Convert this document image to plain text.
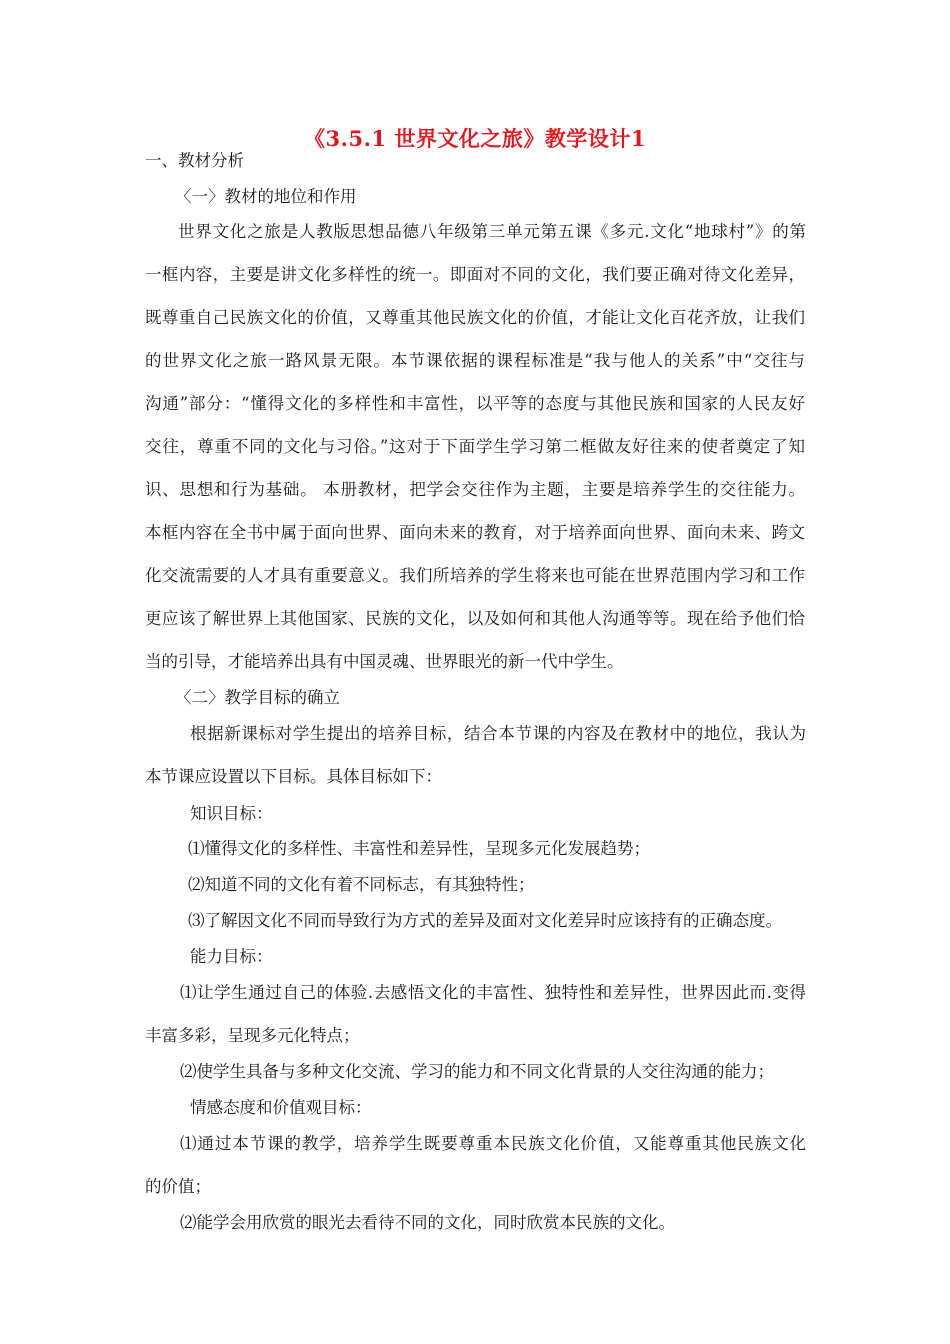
《3.5.1 世界文化之旅》教学设计1
一、教材分析
〈一〉教材的地位和作用
世界文化之旅是人教版思想品德八年级第三单元第五课《多元.文化“地球村”》的第
一框内容，主要是讲文化多样性的统一。即面对不同的文化，我们要正确对待文化差异，
既尊重自己民族文化的价值，又尊重其他民族文化的价值，才能让文化百花齐放，让我们
的世界文化之旅一路风景无限。本节课依据的课程标准是“我与他人的关系”中“交往与
沟通”部分：“懂得文化的多样性和丰富性，以平等的态度与其他民族和国家的人民友好
交往，尊重不同的文化与习俗。”这对于下面学生学习第二框做友好往来的使者奠定了知
识、思想和行为基础。 本册教材，把学会交往作为主题，主要是培养学生的交往能力。
本框内容在全书中属于面向世界、面向未来的教育，对于培养面向世界、面向未来、跨文
化交流需要的人才具有重要意义。我们所培养的学生将来也可能在世界范围内学习和工作
更应该了解世界上其他国家、民族的文化，以及如何和其他人沟通等等。现在给予他们恰
当的引导，才能培养出具有中国灵魂、世界眼光的新一代中学生。
〈二〉教学目标的确立
根据新课标对学生提出的培养目标，结合本节课的内容及在教材中的地位，我认为
本节课应设置以下目标。具体目标如下：
知识目标：
⑴懂得文化的多样性、丰富性和差异性，呈现多元化发展趋势；
⑵知道不同的文化有着不同标志，有其独特性；
⑶了解因文化不同而导致行为方式的差异及面对文化差异时应该持有的正确态度。
能力目标：
⑴让学生通过自己的体验.去感悟文化的丰富性、独特性和差异性，世界因此而.变得
丰富多彩，呈现多元化特点；
⑵使学生具备与多种文化交流、学习的能力和不同文化背景的人交往沟通的能力；
情感态度和价值观目标：
⑴通过本节课的教学，培养学生既要尊重本民族文化价值，又能尊重其他民族文化
的价值；
⑵能学会用欣赏的眼光去看待不同的文化，同时欣赏本民族的文化。
